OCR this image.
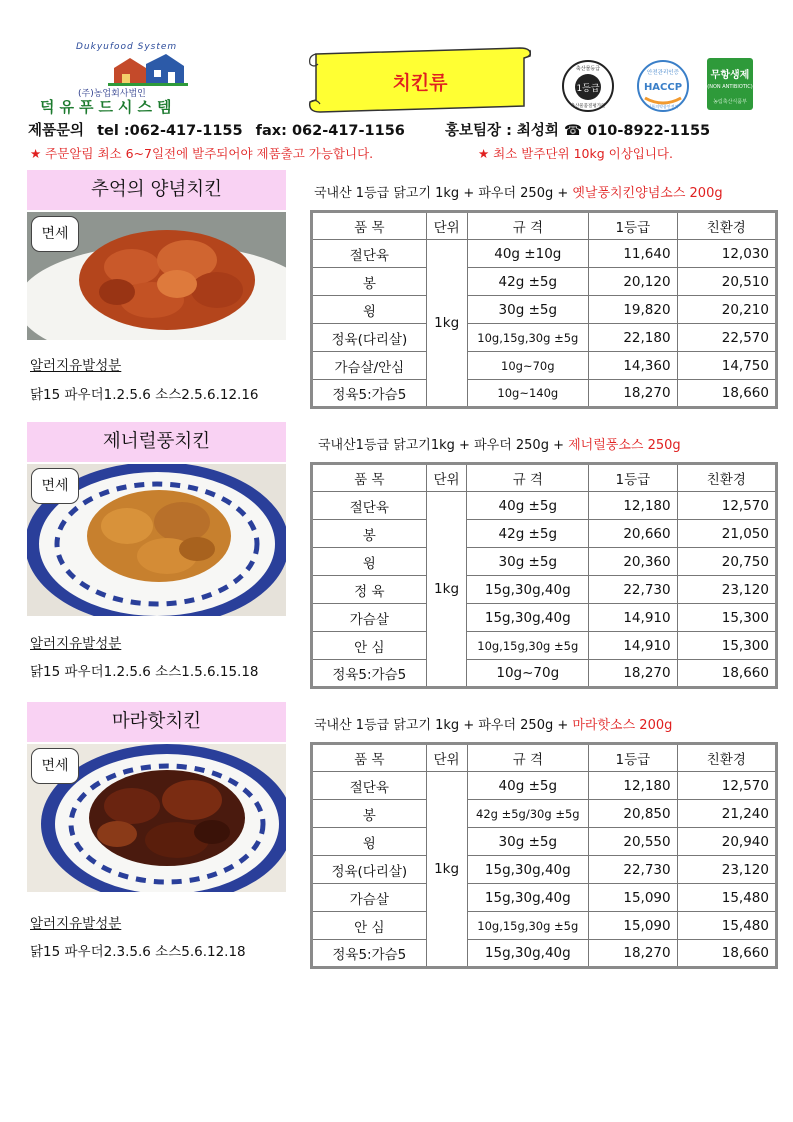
Dukyufood System
(주)농업회사법인
덕유푸드시스템
치킨류	1등급
축산물등급
축산물품질평가원
안전관리인증
HACCP
식품의약품안전처
무항생제
(NON ANTIBIOTIC)
농림축산식품부
제품문의 tel :062-417-1155 fax: 062-417-1156	홍보팀장 : 최성희 ☎ 010-8922-1155
★ 주문알림 최소 6~7일전에 발주되어야 제품출고 가능합니다.	★ 최소 발주단위 10kg 이상입니다.
추억의 양념치킨
면세
알러지유발성분
닭15 파우더1.2.5.6 소스2.5.6.12.16
국내산 1등급 닭고기 1kg + 파우더 250g + 옛날풍치킨양념소스 200g
품 목	단위	규 격	1등급	친환경
절단육	1kg	40g ±10g	11,640	12,030
봉		42g ±5g	20,120	20,510
윙		30g ±5g	19,820	20,210
정육(다리살)		10g,15g,30g ±5g	22,180	22,570
가슴살/안심		10g~70g	14,360	14,750
정육5:가슴5		10g~140g	18,270	18,660
제너럴풍치킨
면세
알러지유발성분
닭15 파우더1.2.5.6 소스1.5.6.15.18
국내산1등급 닭고기1kg + 파우더 250g + 제너럴풍소스 250g
품 목	단위	규 격	1등급	친환경
절단육	1kg	40g ±5g	12,180	12,570
봉		42g ±5g	20,660	21,050
윙		30g ±5g	20,360	20,750
정 육		15g,30g,40g	22,730	23,120
가슴살		15g,30g,40g	14,910	15,300
안 심		10g,15g,30g ±5g	14,910	15,300
정육5:가슴5		10g~70g	18,270	18,660
마라핫치킨
면세
알러지유발성분
닭15 파우더2.3.5.6 소스5.6.12.18
국내산 1등급 닭고기 1kg + 파우더 250g + 마라핫소스 200g
품 목	단위	규 격	1등급	친환경
절단육	1kg	40g ±5g	12,180	12,570
봉		42g ±5g/30g ±5g	20,850	21,240
윙		30g ±5g	20,550	20,940
정육(다리살)		15g,30g,40g	22,730	23,120
가슴살		15g,30g,40g	15,090	15,480
안 심		10g,15g,30g ±5g	15,090	15,480
정육5:가슴5		15g,30g,40g	18,270	18,660
